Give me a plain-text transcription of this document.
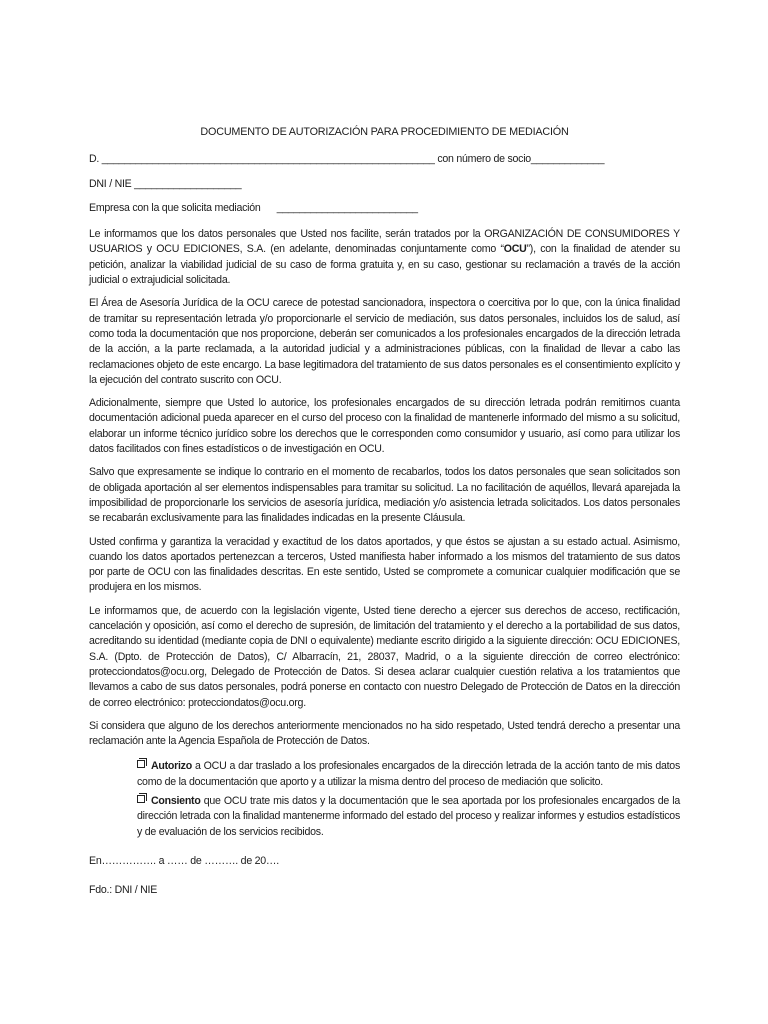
DOCUMENTO DE AUTORIZACIÓN PARA PROCEDIMIENTO DE MEDIACIÓN
D. ___________________________________________________________ con número de socio_____________
DNI / NIE ___________________
Empresa con la que solicita mediación _________________________
Le informamos que los datos personales que Usted nos facilite, serán tratados por la ORGANIZACIÓN DE CONSUMIDORES Y USUARIOS y OCU EDICIONES, S.A. (en adelante, denominadas conjuntamente como “OCU”), con la finalidad de atender su petición, analizar la viabilidad judicial de su caso de forma gratuita y, en su caso, gestionar su reclamación a través de la acción judicial o extrajudicial solicitada.
El Área de Asesoría Jurídica de la OCU carece de potestad sancionadora, inspectora o coercitiva por lo que, con la única finalidad de tramitar su representación letrada y/o proporcionarle el servicio de mediación, sus datos personales, incluidos los de salud, así como toda la documentación que nos proporcione, deberán ser comunicados a los profesionales encargados de la dirección letrada de la acción, a la parte reclamada, a la autoridad judicial y a administraciones públicas, con la finalidad de llevar a cabo las reclamaciones objeto de este encargo. La base legitimadora del tratamiento de sus datos personales es el consentimiento explícito y la ejecución del contrato suscrito con OCU.
Adicionalmente, siempre que Usted lo autorice, los profesionales encargados de su dirección letrada podrán remitirnos cuanta documentación adicional pueda aparecer en el curso del proceso con la finalidad de mantenerle informado del mismo a su solicitud, elaborar un informe técnico jurídico sobre los derechos que le corresponden como consumidor y usuario, así como para utilizar los datos facilitados con fines estadísticos o de investigación en OCU.
Salvo que expresamente se indique lo contrario en el momento de recabarlos, todos los datos personales que sean solicitados son de obligada aportación al ser elementos indispensables para tramitar su solicitud. La no facilitación de aquéllos, llevará aparejada la imposibilidad de proporcionarle los servicios de asesoría jurídica, mediación y/o asistencia letrada solicitados. Los datos personales se recabarán exclusivamente para las finalidades indicadas en la presente Cláusula.
Usted confirma y garantiza la veracidad y exactitud de los datos aportados, y que éstos se ajustan a su estado actual. Asimismo, cuando los datos aportados pertenezcan a terceros, Usted manifiesta haber informado a los mismos del tratamiento de sus datos por parte de OCU con las finalidades descritas. En este sentido, Usted se compromete a comunicar cualquier modificación que se produjera en los mismos.
Le informamos que, de acuerdo con la legislación vigente, Usted tiene derecho a ejercer sus derechos de acceso, rectificación, cancelación y oposición, así como el derecho de supresión, de limitación del tratamiento y el derecho a la portabilidad de sus datos, acreditando su identidad (mediante copia de DNI o equivalente) mediante escrito dirigido a la siguiente dirección: OCU EDICIONES, S.A. (Dpto. de Protección de Datos), C/ Albarracín, 21, 28037, Madrid, o a la siguiente dirección de correo electrónico: protecciondatos@ocu.org, Delegado de Protección de Datos. Si desea aclarar cualquier cuestión relativa a los tratamientos que llevamos a cabo de sus datos personales, podrá ponerse en contacto con nuestro Delegado de Protección de Datos en la dirección de correo electrónico: protecciondatos@ocu.org.
Si considera que alguno de los derechos anteriormente mencionados no ha sido respetado, Usted tendrá derecho a presentar una reclamación ante la Agencia Española de Protección de Datos.
Autorizo a OCU a dar traslado a los profesionales encargados de la dirección letrada de la acción tanto de mis datos como de la documentación que aporto y a utilizar la misma dentro del proceso de mediación que solicito.
Consiento que OCU trate mis datos y la documentación que le sea aportada por los profesionales encargados de la dirección letrada con la finalidad mantenerme informado del estado del proceso y realizar informes y estudios estadísticos y de evaluación de los servicios recibidos.
En……………. a …… de ………. de 20….
Fdo.: DNI / NIE
